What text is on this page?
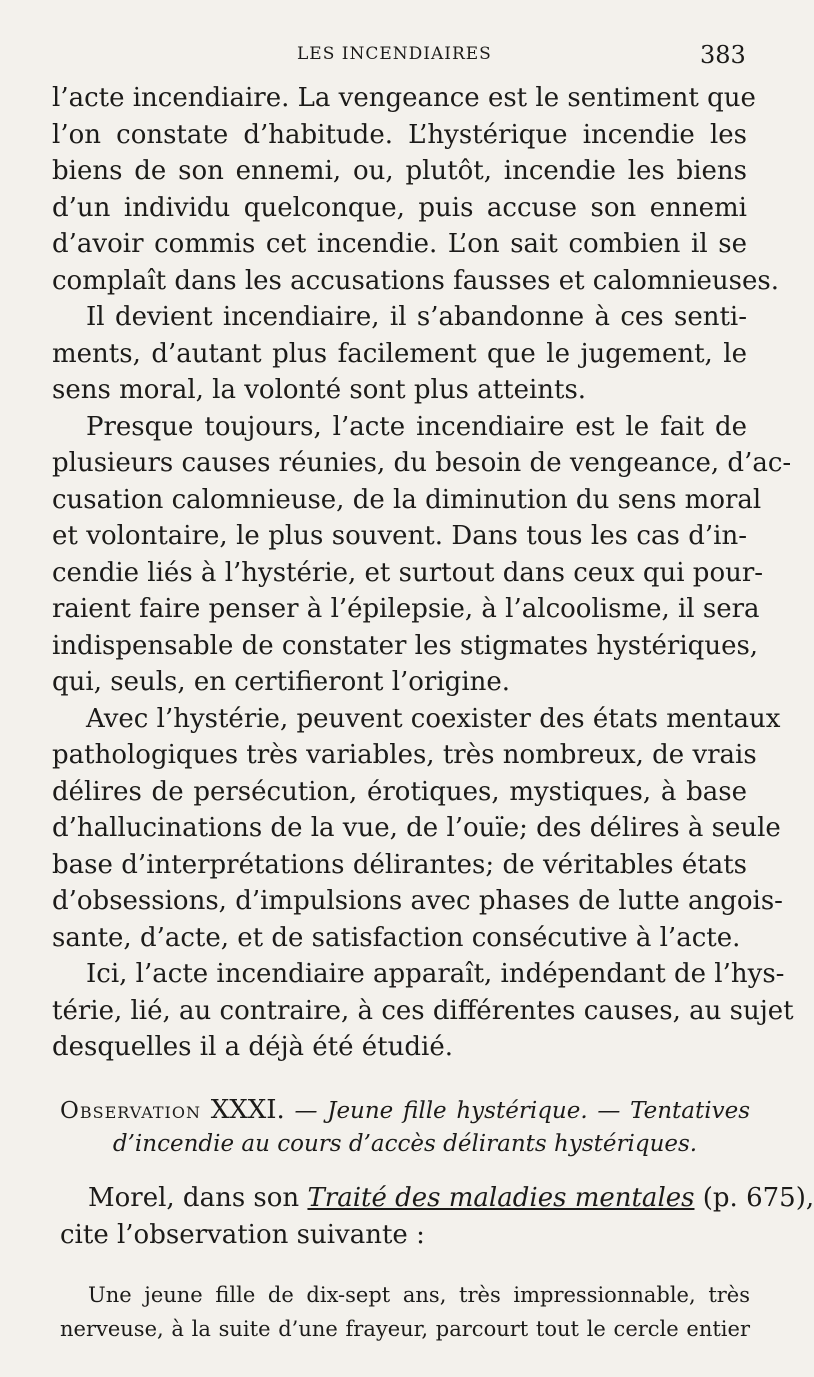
LES INCENDIAIRES	383
l’acte incendiaire. La vengeance est le sentiment que
l’on constate d’habitude. L’hystérique incendie les
biens de son ennemi, ou, plutôt, incendie les biens
d’un individu quelconque, puis accuse son ennemi
d’avoir commis cet incendie. L’on sait combien il se
complaît dans les accusations fausses et calomnieuses.
Il devient incendiaire, il s’abandonne à ces senti-
ments, d’autant plus facilement que le jugement, le
sens moral, la volonté sont plus atteints.
Presque toujours, l’acte incendiaire est le fait de
plusieurs causes réunies, du besoin de vengeance, d’ac-
cusation calomnieuse, de la diminution du sens moral
et volontaire, le plus souvent. Dans tous les cas d’in-
cendie liés à l’hystérie, et surtout dans ceux qui pour-
raient faire penser à l’épilepsie, à l’alcoolisme, il sera
indispensable de constater les stigmates hystériques,
qui, seuls, en certifieront l’origine.
Avec l’hystérie, peuvent coexister des états mentaux
pathologiques très variables, très nombreux, de vrais
délires de persécution, érotiques, mystiques, à base
d’hallucinations de la vue, de l’ouïe; des délires à seule
base d’interprétations délirantes; de véritables états
d’obsessions, d’impulsions avec phases de lutte angois-
sante, d’acte, et de satisfaction consécutive à l’acte.
Ici, l’acte incendiaire apparaît, indépendant de l’hys-
térie, lié, au contraire, à ces différentes causes, au sujet
desquelles il a déjà été étudié.
Observation XXXI. — Jeune fille hystérique. — Tentatives
d’incendie au cours d’accès délirants hystériques.
Morel, dans son Traité des maladies mentales (p. 675),
cite l’observation suivante :
Une jeune fille de dix-sept ans, très impressionnable, très
nerveuse, à la suite d’une frayeur, parcourt tout le cercle entier
